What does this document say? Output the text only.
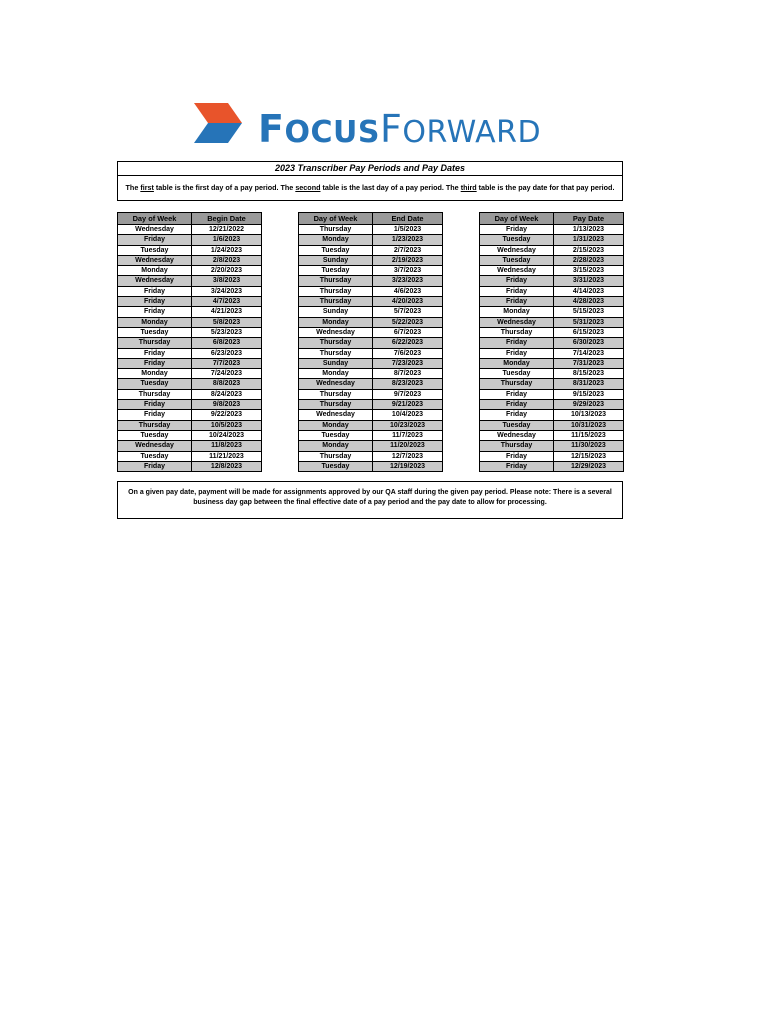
FOCUSFORWARD
2023 Transcriber Pay Periods and Pay Dates
The first table is the first day of a pay period. The second table is the last day of a pay period. The third table is the pay date for that pay period.
Day of Week	Begin Date
Wednesday	12/21/2022
Friday	1/6/2023
Tuesday	1/24/2023
Wednesday	2/8/2023
Monday	2/20/2023
Wednesday	3/8/2023
Friday	3/24/2023
Friday	4/7/2023
Friday	4/21/2023
Monday	5/8/2023
Tuesday	5/23/2023
Thursday	6/8/2023
Friday	6/23/2023
Friday	7/7/2023
Monday	7/24/2023
Tuesday	8/8/2023
Thursday	8/24/2023
Friday	9/8/2023
Friday	9/22/2023
Thursday	10/5/2023
Tuesday	10/24/2023
Wednesday	11/8/2023
Tuesday	11/21/2023
Friday	12/8/2023
Day of Week	End Date
Thursday	1/5/2023
Monday	1/23/2023
Tuesday	2/7/2023
Sunday	2/19/2023
Tuesday	3/7/2023
Thursday	3/23/2023
Thursday	4/6/2023
Thursday	4/20/2023
Sunday	5/7/2023
Monday	5/22/2023
Wednesday	6/7/2023
Thursday	6/22/2023
Thursday	7/6/2023
Sunday	7/23/2023
Monday	8/7/2023
Wednesday	8/23/2023
Thursday	9/7/2023
Thursday	9/21/2023
Wednesday	10/4/2023
Monday	10/23/2023
Tuesday	11/7/2023
Monday	11/20/2023
Thursday	12/7/2023
Tuesday	12/19/2023
Day of Week	Pay Date
Friday	1/13/2023
Tuesday	1/31/2023
Wednesday	2/15/2023
Tuesday	2/28/2023
Wednesday	3/15/2023
Friday	3/31/2023
Friday	4/14/2023
Friday	4/28/2023
Monday	5/15/2023
Wednesday	5/31/2023
Thursday	6/15/2023
Friday	6/30/2023
Friday	7/14/2023
Monday	7/31/2023
Tuesday	8/15/2023
Thursday	8/31/2023
Friday	9/15/2023
Friday	9/29/2023
Friday	10/13/2023
Tuesday	10/31/2023
Wednesday	11/15/2023
Thursday	11/30/2023
Friday	12/15/2023
Friday	12/29/2023
On a given pay date, payment will be made for assignments approved by our QA staff during the given pay period. Please note: There is a several business day gap between the final effective date of a pay period and the pay date to allow for processing.
